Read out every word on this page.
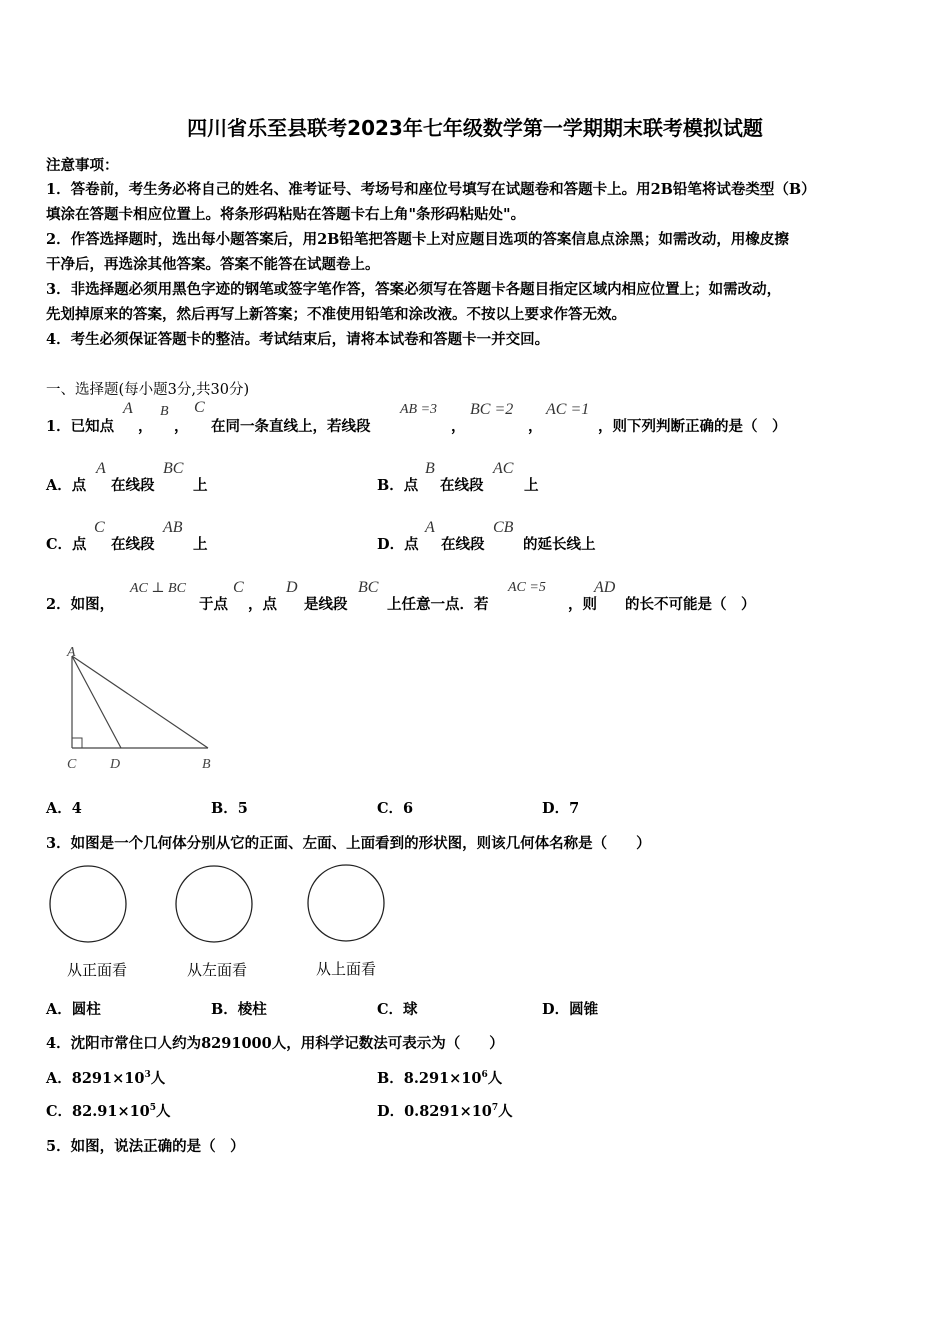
四川省乐至县联考2023年七年级数学第一学期期末联考模拟试题
注意事项：
1．答卷前，考生务必将自己的姓名、准考证号、考场号和座位号填写在试题卷和答题卡上。用2B铅笔将试卷类型（B）
填涂在答题卡相应位置上。将条形码粘贴在答题卡右上角"条形码粘贴处"。
2．作答选择题时，选出每小题答案后，用2B铅笔把答题卡上对应题目选项的答案信息点涂黑；如需改动，用橡皮擦
干净后，再选涂其他答案。答案不能答在试题卷上。
3．非选择题必须用黑色字迹的钢笔或签字笔作答，答案必须写在答题卡各题目指定区域内相应位置上；如需改动，
先划掉原来的答案，然后再写上新答案；不准使用铅笔和涂改液。不按以上要求作答无效。
4．考生必须保证答题卡的整洁。考试结束后，请将本试卷和答题卡一并交回。
一、选择题(每小题3分,共30分)
1．已知点
A
，
B
，
C
在同一条直线上，若线段
AB =3
，
BC =2
，
AC =1
，则下列判断正确的是（　）
A．点
A
在线段
BC
上	B．点
B
在线段
AC
上
C．点
C
在线段
AB
上	D．点
A
在线段
CB
的延长线上
2．如图，
AC ⊥ BC
于点
C
，点
D
是线段
BC
上任意一点．若
AC =5
，则
AD
的长不可能是（　）
A
C D	B
A．4	B．5	C．6	D．7
3．如图是一个几何体分别从它的正面、左面、上面看到的形状图，则该几何体名称是（　　）
从正面看	从左面看	从上面看
A．圆柱	B．棱柱	C．球	D．圆锥
4．沈阳市常住口人约为8291000人，用科学记数法可表示为（　　）
A．$8291\times 10^3$人	B．$8.291\times 10^6$人
C．$82.91\times 10^5$人	D．$0.8291\times 10^7$人
5．如图，说法正确的是（　）
